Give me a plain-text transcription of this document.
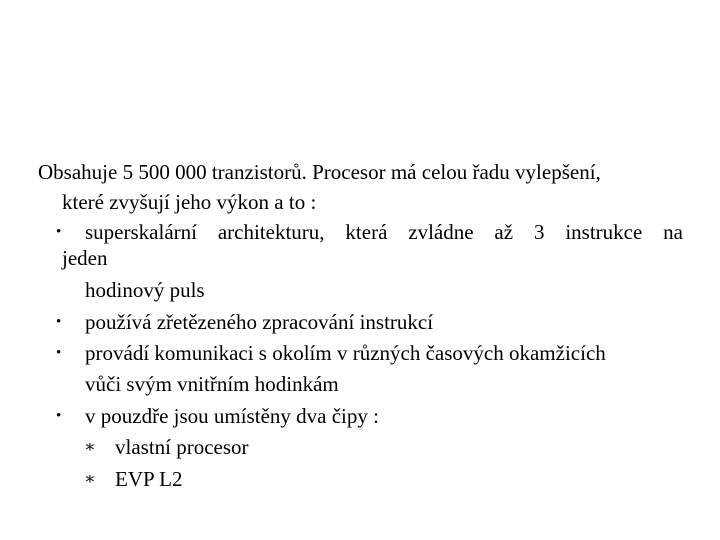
Obsahuje 5 500 000 tranzistorů. Procesor má celou řadu vylepšení,
které zvyšují jeho výkon a to :
• superskalární architekturu, která zvládne až 3 instrukce na
jeden
hodinový puls
• používá zřetězeného zpracování instrukcí
• provádí komunikaci s okolím v různých časových okamžicích
vůči svým vnitřním hodinkám
• v pouzdře jsou umístěny dva čipy :
∗ vlastní procesor
∗ EVP L2
